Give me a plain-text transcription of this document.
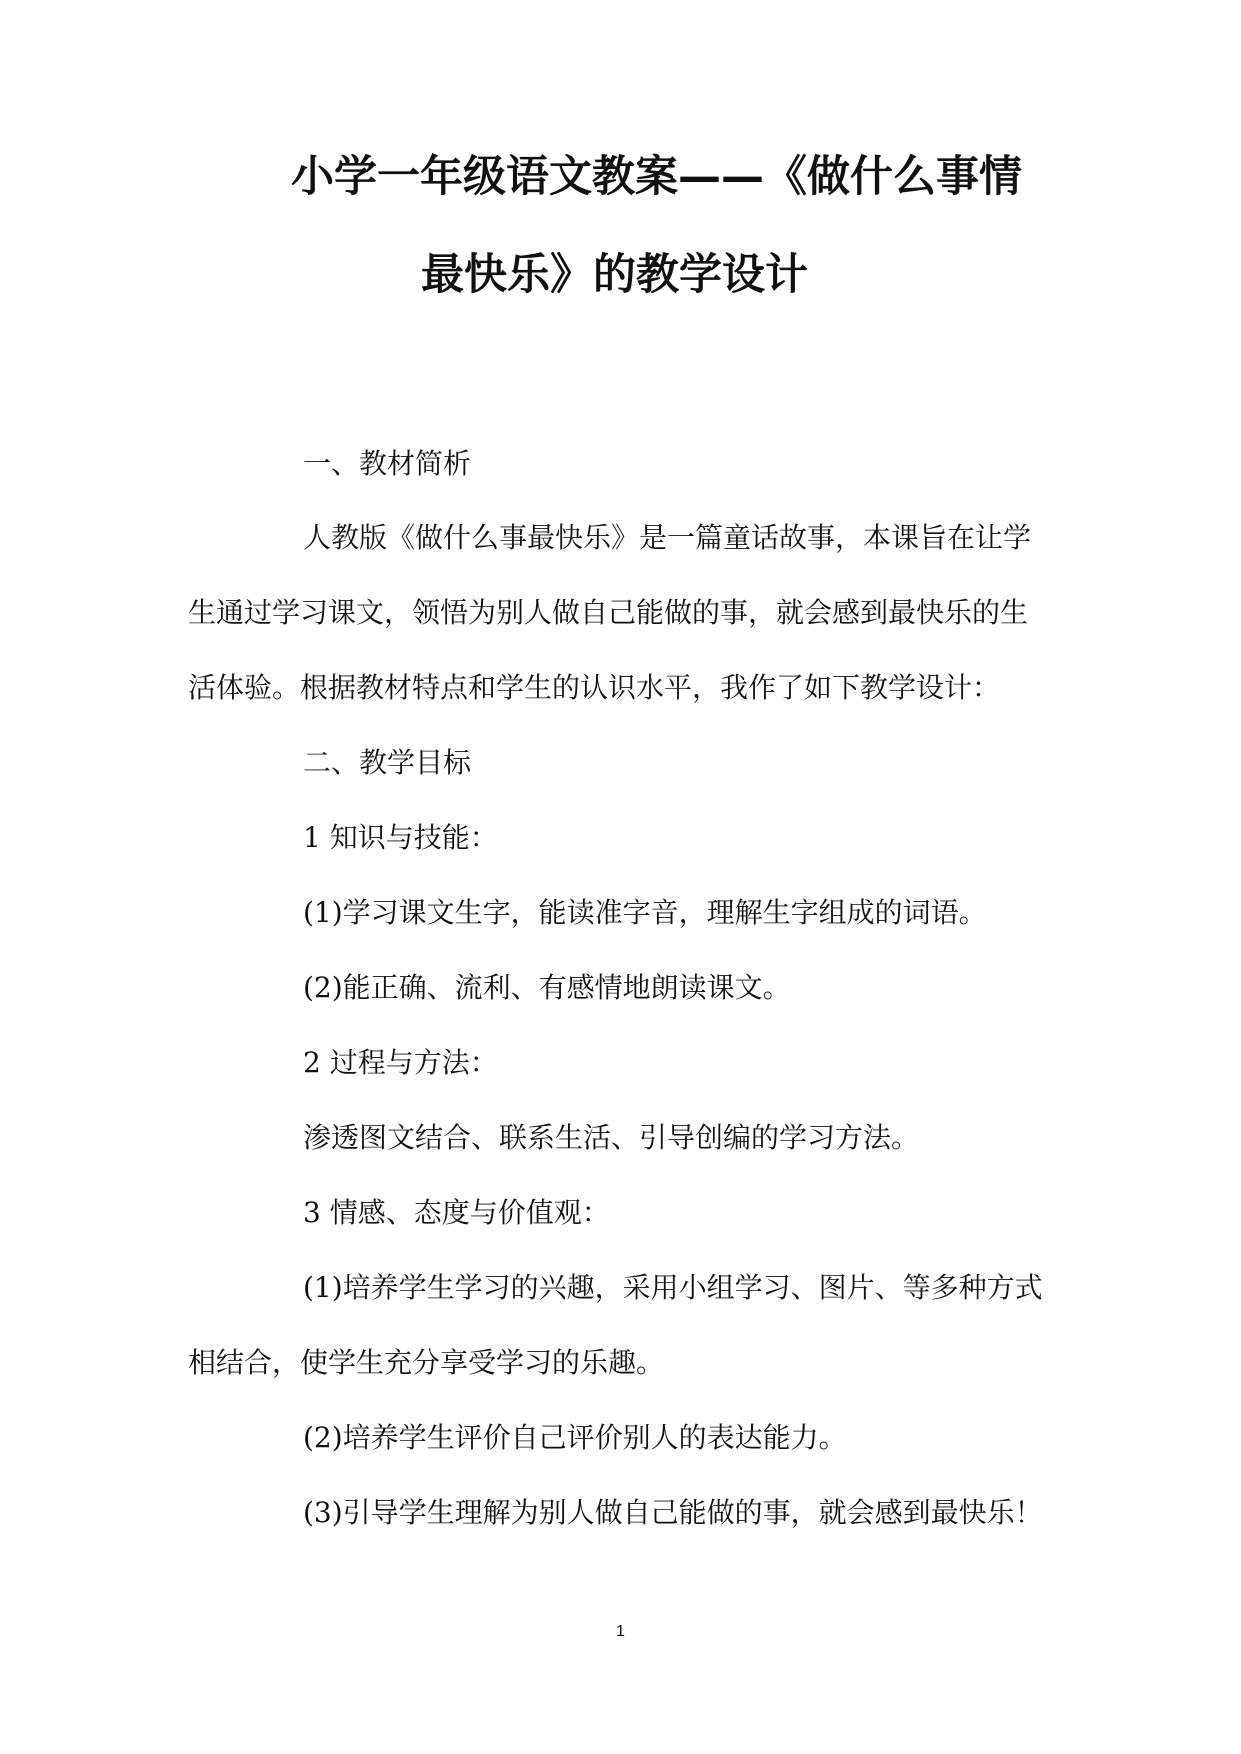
小学一年级语文教案——《做什么事情
最快乐》的教学设计
一、教材简析
人教版《做什么事最快乐》是一篇童话故事，本课旨在让学
生通过学习课文，领悟为别人做自己能做的事，就会感到最快乐的生
活体验。根据教材特点和学生的认识水平，我作了如下教学设计：
二、教学目标
1 知识与技能：
(1)学习课文生字，能读准字音，理解生字组成的词语。
(2)能正确、流利、有感情地朗读课文。
2 过程与方法：
渗透图文结合、联系生活、引导创编的学习方法。
3 情感、态度与价值观：
(1)培养学生学习的兴趣，采用小组学习、图片、等多种方式
相结合，使学生充分享受学习的乐趣。
(2)培养学生评价自己评价别人的表达能力。
(3)引导学生理解为别人做自己能做的事，就会感到最快乐！
1
